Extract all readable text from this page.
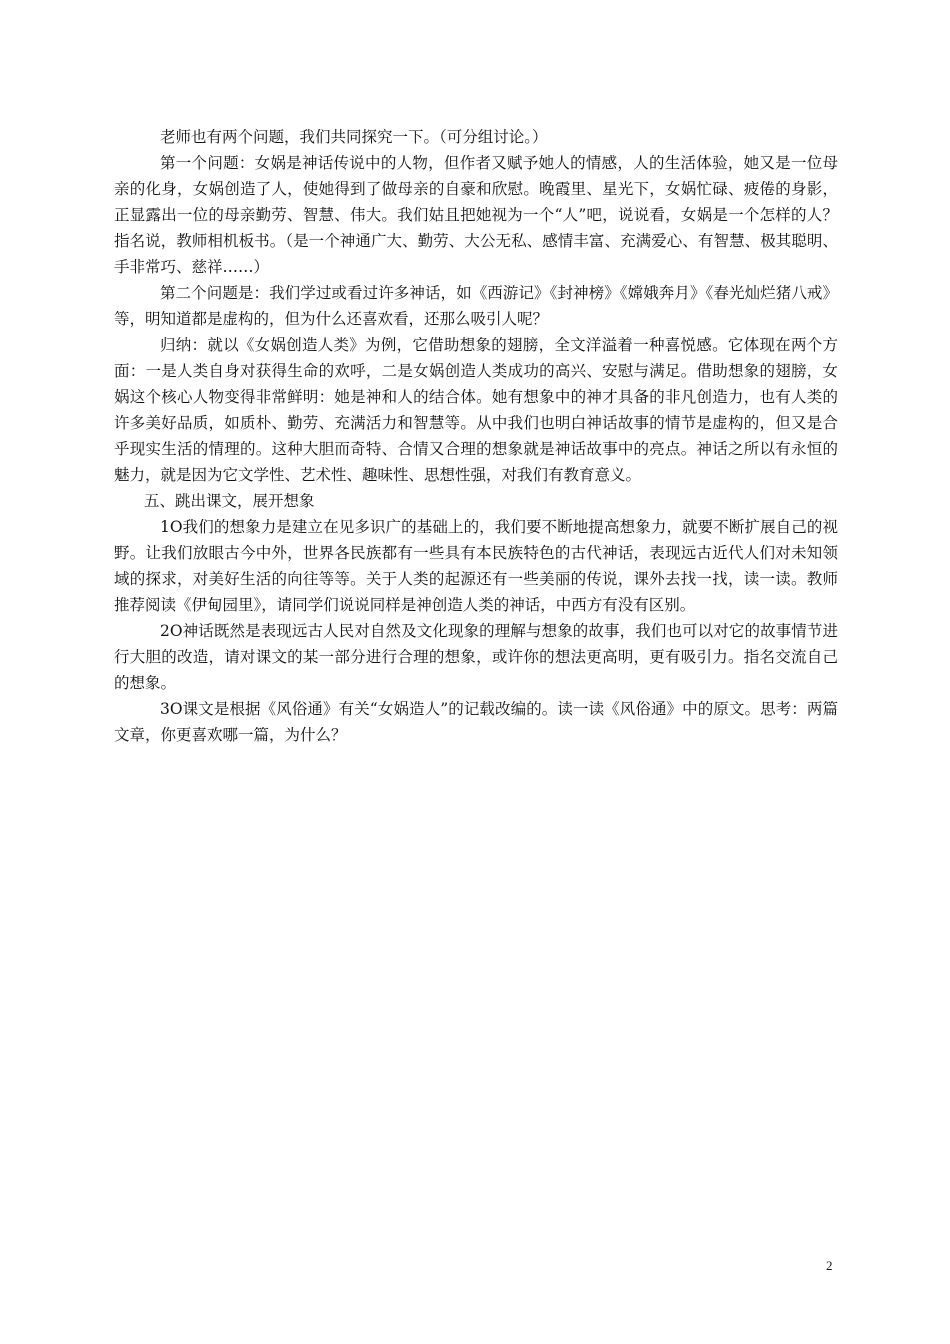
老师也有两个问题，我们共同探究一下。（可分组讨论。）

第一个问题：女娲是神话传说中的人物，但作者又赋予她人的情感，人的生活体验，她又是一位母亲的化身，女娲创造了人，使她得到了做母亲的自豪和欣慰。晚霞里、星光下，女娲忙碌、疲倦的身影，正显露出一位的母亲勤劳、智慧、伟大。我们姑且把她视为一个“人”吧，说说看，女娲是一个怎样的人？指名说，教师相机板书。（是一个神通广大、勤劳、大公无私、感情丰富、充满爱心、有智慧、极其聪明、手非常巧、慈祥……）

第二个问题是：我们学过或看过许多神话，如《西游记》《封神榜》《嫦娥奔月》《春光灿烂猪八戒》等，明知道都是虚构的，但为什么还喜欢看，还那么吸引人呢？

归纳：就以《女娲创造人类》为例，它借助想象的翅膀，全文洋溢着一种喜悦感。它体现在两个方面：一是人类自身对获得生命的欢呼，二是女娲创造人类成功的高兴、安慰与满足。借助想象的翅膀，女娲这个核心人物变得非常鲜明：她是神和人的结合体。她有想象中的神才具备的非凡创造力，也有人类的许多美好品质，如质朴、勤劳、充满活力和智慧等。从中我们也明白神话故事的情节是虚构的，但又是合乎现实生活的情理的。这种大胆而奇特、合情又合理的想象就是神话故事中的亮点。神话之所以有永恒的魅力，就是因为它文学性、艺术性、趣味性、思想性强，对我们有教育意义。

五、跳出课文，展开想象

1О我们的想象力是建立在见多识广的基础上的，我们要不断地提高想象力，就要不断扩展自己的视野。让我们放眼古今中外，世界各民族都有一些具有本民族特色的古代神话，表现远古近代人们对未知领域的探求，对美好生活的向往等等。关于人类的起源还有一些美丽的传说，课外去找一找，读一读。教师推荐阅读《伊甸园里》，请同学们说说同样是神创造人类的神话，中西方有没有区别。

2О神话既然是表现远古人民对自然及文化现象的理解与想象的故事，我们也可以对它的故事情节进行大胆的改造，请对课文的某一部分进行合理的想象，或许你的想法更高明，更有吸引力。指名交流自己的想象。

3О课文是根据《风俗通》有关“女娲造人”的记载改编的。读一读《风俗通》中的原文。思考：两篇文章，你更喜欢哪一篇，为什么？

2
